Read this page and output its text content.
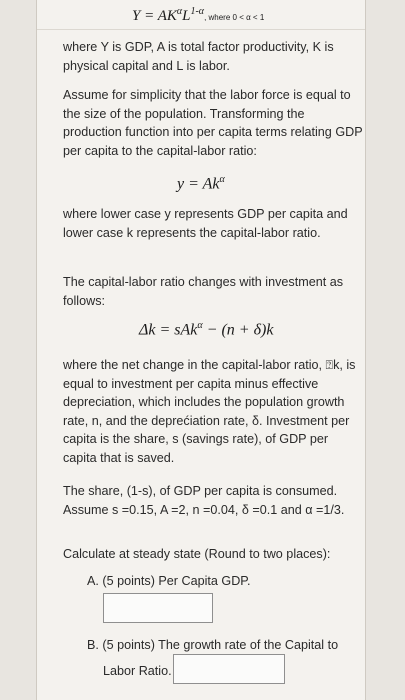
$Y = AK^\alpha L^{1-\alpha}$, where 0 < α < 1
where Y is GDP, A is total factor productivity, K is physical capital and L is labor.
Assume for simplicity that the labor force is equal to the size of the population. Transforming the production function into per capita terms relating GDP per capita to the capital-labor ratio:
$y = Ak^\alpha$
where lower case y represents GDP per capita and lower case k represents the capital-labor ratio.
The capital-labor ratio changes with investment as follows:
Δk = sAk$^\alpha$ − (n + δ)k
where the net change in the capital-labor ratio, ⍰k, is equal to investment per capita minus effective depreciation, which includes the population growth rate, n, and the deprećiation rate, δ. Investment per capita is the share, s (savings rate), of GDP per capita that is saved.
The share, (1-s), of GDP per capita is consumed. Assume s =0.15, A =2, n =0.04, δ =0.1 and α =1/3.
Calculate at steady state (Round to two places):
A. (5 points) Per Capita GDP.
B. (5 points) The growth rate of the Capital to
Labor Ratio.
